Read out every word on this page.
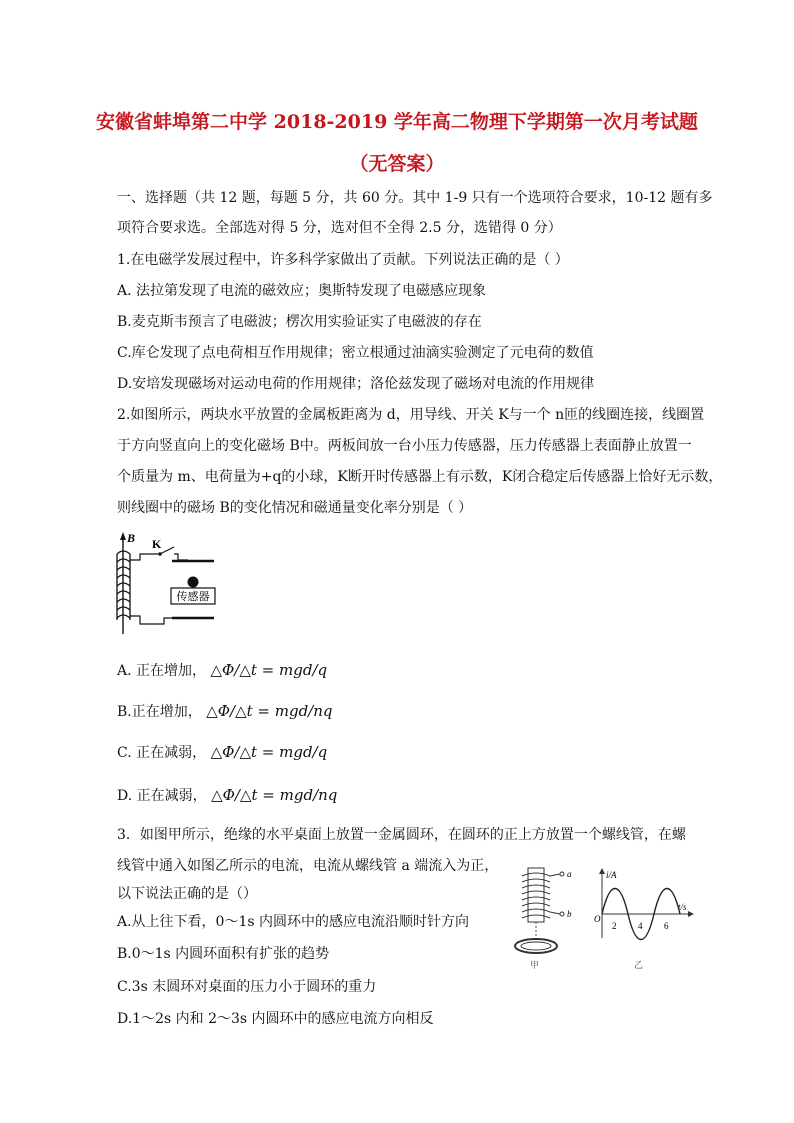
安徽省蚌埠第二中学 2018-2019 学年高二物理下学期第一次月考试题
（无答案）
一、选择题（共 12 题，每题 5 分，共 60 分。其中 1-9 只有一个选项符合要求，10-12 题有多
项符合要求选。全部选对得 5 分，选对但不全得 2.5 分，选错得 0 分）
1.在电磁学发展过程中，许多科学家做出了贡献。下列说法正确的是（ ）
A. 法拉第发现了电流的磁效应；奥斯特发现了电磁感应现象
B.麦克斯韦预言了电磁波；楞次用实验证实了电磁波的存在
C.库仑发现了点电荷相互作用规律；密立根通过油滴实验测定了元电荷的数值
D.安培发现磁场对运动电荷的作用规律；洛伦兹发现了磁场对电流的作用规律
2.如图所示，两块水平放置的金属板距离为 d，用导线、开关 K与一个 n匝的线圈连接，线圈置
于方向竖直向上的变化磁场 B中。两板间放一台小压力传感器，压力传感器上表面静止放置一
个质量为 m、电荷量为+q的小球，K断开时传感器上有示数，K闭合稳定后传感器上恰好无示数，
则线圈中的磁场 B的变化情况和磁通量变化率分别是（ ）
B K
传感器
A. 正在增加， △Φ/△t = mgd/q
B.正在增加， △Φ/△t = mgd/nq
C. 正在减弱， △Φ/△t = mgd/q
D. 正在减弱， △Φ/△t = mgd/nq
3．如图甲所示，绝缘的水平桌面上放置一金属圆环，在圆环的正上方放置一个螺线管，在螺
线管中通入如图乙所示的电流，电流从螺线管 a 端流入为正，
以下说法正确的是（）
A.从上往下看，0～1s 内圆环中的感应电流沿顺时针方向
B.0～1s 内圆环面积有扩张的趋势
C.3s 末圆环对桌面的压力小于圆环的重力
D.1～2s 内和 2～3s 内圆环中的感应电流方向相反
a
b
甲
i/A
t/s
O
2 4 6
乙
